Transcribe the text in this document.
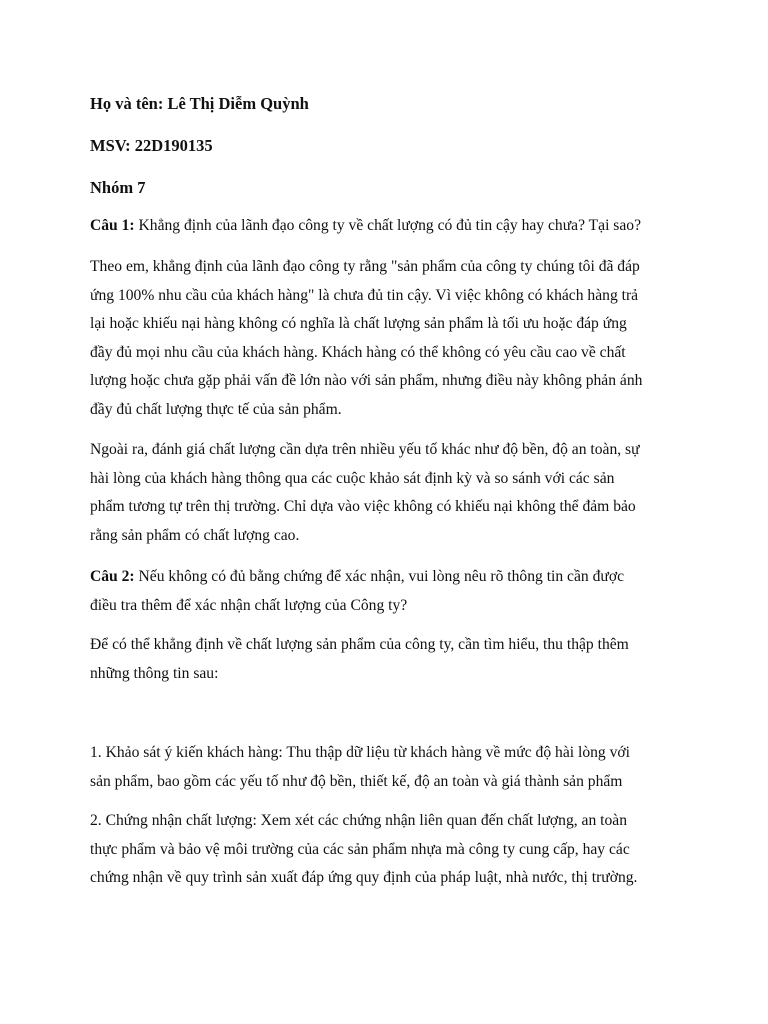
Họ và tên: Lê Thị Diễm Quỳnh

MSV: 22D190135

Nhóm 7

Câu 1: Khẳng định của lãnh đạo công ty về chất lượng có đủ tin cậy hay chưa? Tại sao?

Theo em, khẳng định của lãnh đạo công ty rằng "sản phẩm của công ty chúng tôi đã đáp
ứng 100% nhu cầu của khách hàng" là chưa đủ tin cậy. Vì việc không có khách hàng trả
lại hoặc khiếu nại hàng không có nghĩa là chất lượng sản phẩm là tối ưu hoặc đáp ứng
đầy đủ mọi nhu cầu của khách hàng. Khách hàng có thể không có yêu cầu cao về chất
lượng hoặc chưa gặp phải vấn đề lớn nào với sản phẩm, nhưng điều này không phản ánh
đầy đủ chất lượng thực tế của sản phẩm.

Ngoài ra, đánh giá chất lượng cần dựa trên nhiều yếu tố khác như độ bền, độ an toàn, sự
hài lòng của khách hàng thông qua các cuộc khảo sát định kỳ và so sánh với các sản
phẩm tương tự trên thị trường. Chỉ dựa vào việc không có khiếu nại không thể đảm bảo
rằng sản phẩm có chất lượng cao.

Câu 2: Nếu không có đủ bằng chứng để xác nhận, vui lòng nêu rõ thông tin cần được
điều tra thêm để xác nhận chất lượng của Công ty?

Để có thể khẳng định về chất lượng sản phẩm của công ty, cần tìm hiểu, thu thập thêm
những thông tin sau:

1. Khảo sát ý kiến khách hàng: Thu thập dữ liệu từ khách hàng về mức độ hài lòng với
sản phẩm, bao gồm các yếu tố như độ bền, thiết kế, độ an toàn và giá thành sản phẩm

2. Chứng nhận chất lượng: Xem xét các chứng nhận liên quan đến chất lượng, an toàn
thực phẩm và bảo vệ môi trường của các sản phẩm nhựa mà công ty cung cấp, hay các
chứng nhận về quy trình sản xuất đáp ứng quy định của pháp luật, nhà nước, thị trường.
